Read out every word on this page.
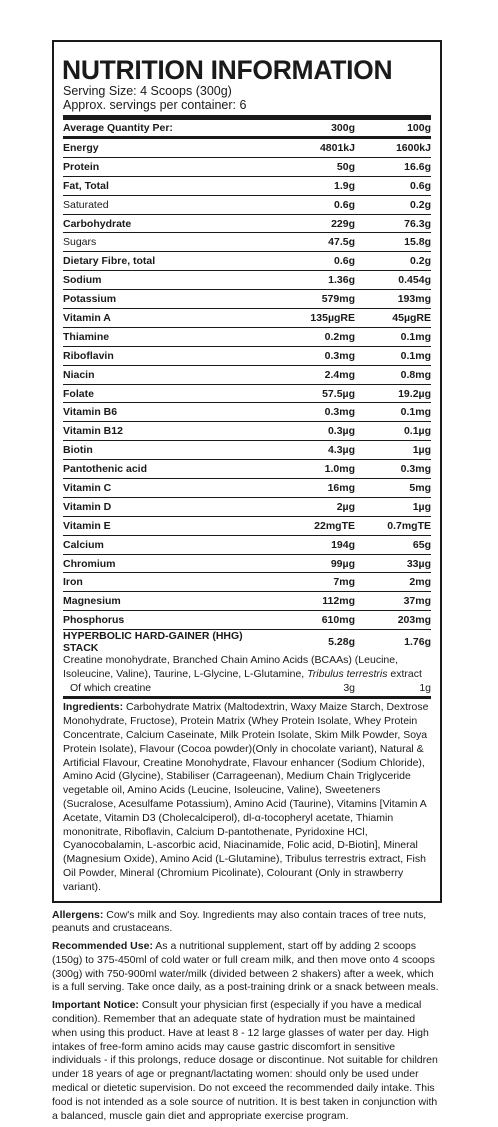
NUTRITION INFORMATION
Serving Size: 4 Scoops (300g)
Approx. servings per container: 6
Average Quantity Per:	300g	100g
Energy	4801kJ	1600kJ
Protein	50g	16.6g
Fat, Total	1.9g	0.6g
Saturated	0.6g	0.2g
Carbohydrate	229g	76.3g
Sugars	47.5g	15.8g
Dietary Fibre, total	0.6g	0.2g
Sodium	1.36g	0.454g
Potassium	579mg	193mg
Vitamin A	135µgRE	45µgRE
Thiamine	0.2mg	0.1mg
Riboflavin	0.3mg	0.1mg
Niacin	2.4mg	0.8mg
Folate	57.5µg	19.2µg
Vitamin B6	0.3mg	0.1mg
Vitamin B12	0.3µg	0.1µg
Biotin	4.3µg	1µg
Pantothenic acid	1.0mg	0.3mg
Vitamin C	16mg	5mg
Vitamin D	2µg	1µg
Vitamin E	22mgTE	0.7mgTE
Calcium	194g	65g
Chromium	99µg	33µg
Iron	7mg	2mg
Magnesium	112mg	37mg
Phosphorus	610mg	203mg
HYPERBOLIC HARD-GAINER (HHG) STACK	5.28g	1.76g
Creatine monohydrate, Branched Chain Amino Acids (BCAAs) (Leucine, Isoleucine, Valine), Taurine, L-Glycine, L-Glutamine, Tribulus terrestris extract
Of which creatine	3g	1g
Ingredients: Carbohydrate Matrix (Maltodextrin, Waxy Maize Starch, Dextrose Monohydrate, Fructose), Protein Matrix (Whey Protein Isolate, Whey Protein Concentrate, Calcium Caseinate, Milk Protein Isolate, Skim Milk Powder, Soya Protein Isolate), Flavour (Cocoa powder)(Only in chocolate variant), Natural & Artificial Flavour, Creatine Monohydrate, Flavour enhancer (Sodium Chloride), Amino Acid (Glycine), Stabiliser (Carrageenan), Medium Chain Triglyceride vegetable oil, Amino Acids (Leucine, Isoleucine, Valine), Sweeteners (Sucralose, Acesulfame Potassium), Amino Acid (Taurine), Vitamins [Vitamin A Acetate, Vitamin D3 (Cholecalciperol), dl-α-tocopheryl acetate, Thiamin mononitrate, Riboflavin, Calcium D-pantothenate, Pyridoxine HCl, Cyanocobalamin, L-ascorbic acid, Niacinamide, Folic acid, D-Biotin], Mineral (Magnesium Oxide), Amino Acid (L-Glutamine), Tribulus terrestris extract, Fish Oil Powder, Mineral (Chromium Picolinate), Colourant (Only in strawberry variant).

Allergens: Cow's milk and Soy. Ingredients may also contain traces of tree nuts, peanuts and crustaceans.

Recommended Use: As a nutritional supplement, start off by adding 2 scoops (150g) to 375-450ml of cold water or full cream milk, and then move onto 4 scoops (300g) with 750-900ml water/milk (divided between 2 shakers) after a week, which is a full serving. Take once daily, as a post-training drink or a snack between meals.

Important Notice: Consult your physician first (especially if you have a medical condition). Remember that an adequate state of hydration must be maintained when using this product. Have at least 8 - 12 large glasses of water per day. High intakes of free-form amino acids may cause gastric discomfort in sensitive individuals - if this prolongs, reduce dosage or discontinue. Not suitable for children under 18 years of age or pregnant/lactating women: should only be used under medical or dietetic supervision. Do not exceed the recommended daily intake. This food is not intended as a sole source of nutrition. It is best taken in conjunction with a balanced, muscle gain diet and appropriate exercise program.
